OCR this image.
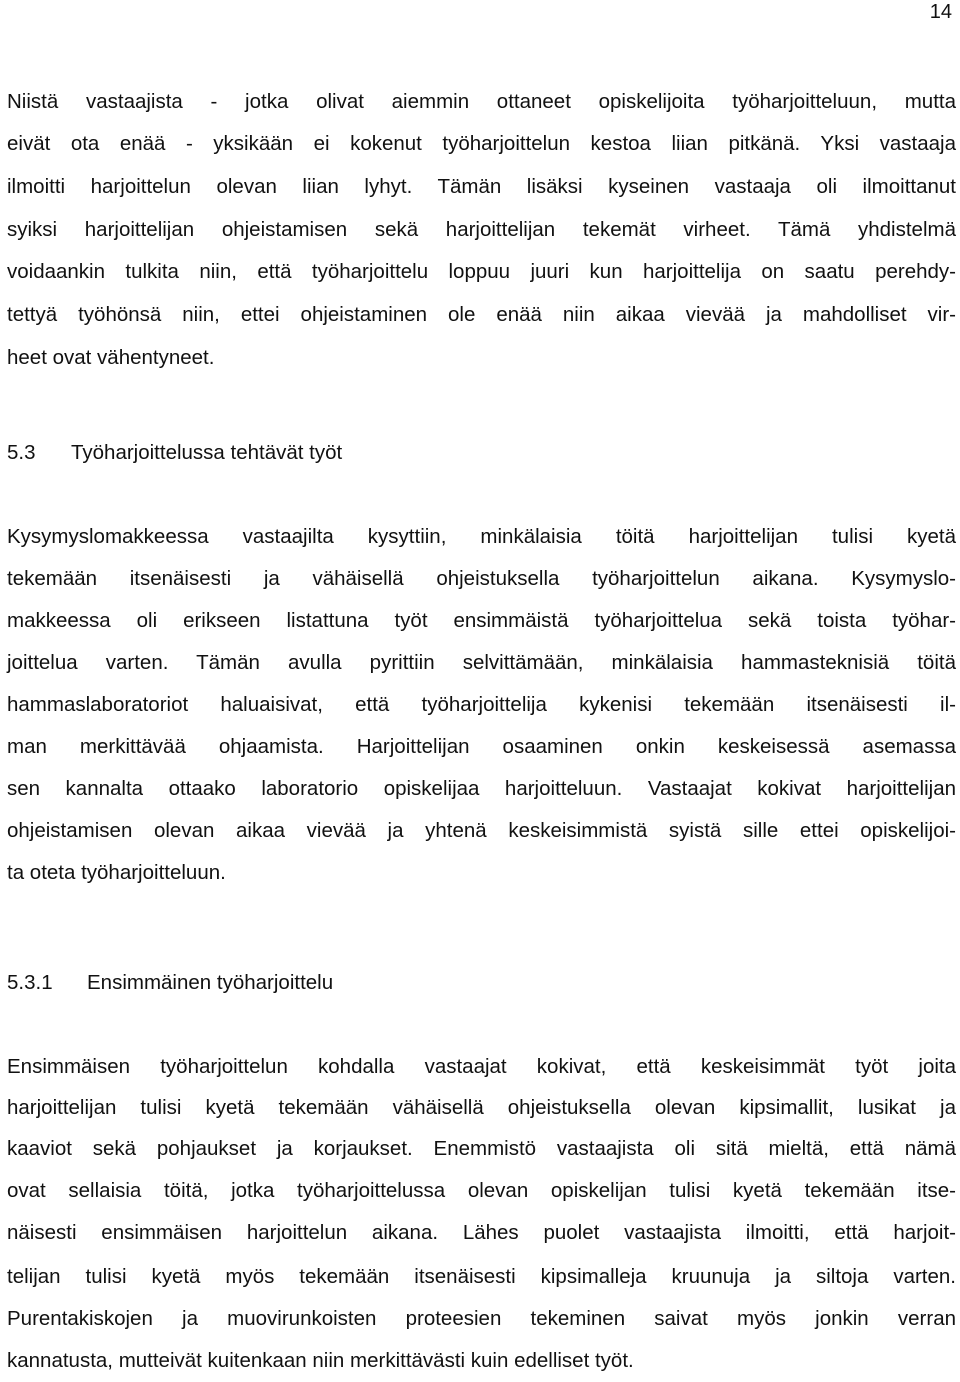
14
Niistä vastaajista - jotka olivat aiemmin ottaneet opiskelijoita työharjoitteluun, mutta
eivät ota enää - yksikään ei kokenut työharjoittelun kestoa liian pitkänä. Yksi vastaaja
ilmoitti harjoittelun olevan liian lyhyt. Tämän lisäksi kyseinen vastaaja oli ilmoittanut
syiksi harjoittelijan ohjeistamisen sekä harjoittelijan tekemät virheet. Tämä yhdistelmä
voidaankin tulkita niin, että työharjoittelu loppuu juuri kun harjoittelija on saatu perehdy-
tettyä työhönsä niin, ettei ohjeistaminen ole enää niin aikaa vievää ja mahdolliset vir-
heet ovat vähentyneet.
5.3 Työharjoittelussa tehtävät työt
Kysymyslomakkeessa vastaajilta kysyttiin, minkälaisia töitä harjoittelijan tulisi kyetä
tekemään itsenäisesti ja vähäisellä ohjeistuksella työharjoittelun aikana. Kysymyslo-
makkeessa oli erikseen listattuna työt ensimmäistä työharjoittelua sekä toista työhar-
joittelua varten. Tämän avulla pyrittiin selvittämään, minkälaisia hammasteknisiä töitä
hammaslaboratoriot haluaisivat, että työharjoittelija kykenisi tekemään itsenäisesti il-
man merkittävää ohjaamista. Harjoittelijan osaaminen onkin keskeisessä asemassa
sen kannalta ottaako laboratorio opiskelijaa harjoitteluun. Vastaajat kokivat harjoittelijan
ohjeistamisen olevan aikaa vievää ja yhtenä keskeisimmistä syistä sille ettei opiskelijoi-
ta oteta työharjoitteluun.
5.3.1 Ensimmäinen työharjoittelu
Ensimmäisen työharjoittelun kohdalla vastaajat kokivat, että keskeisimmät työt joita
harjoittelijan tulisi kyetä tekemään vähäisellä ohjeistuksella olevan kipsimallit, lusikat ja
kaaviot sekä pohjaukset ja korjaukset. Enemmistö vastaajista oli sitä mieltä, että nämä
ovat sellaisia töitä, jotka työharjoittelussa olevan opiskelijan tulisi kyetä tekemään itse-
näisesti ensimmäisen harjoittelun aikana. Lähes puolet vastaajista ilmoitti, että harjoit-
telijan tulisi kyetä myös tekemään itsenäisesti kipsimalleja kruunuja ja siltoja varten.
Purentakiskojen ja muovirunkoisten proteesien tekeminen saivat myös jonkin verran
kannatusta, mutteivät kuitenkaan niin merkittävästi kuin edelliset työt.
